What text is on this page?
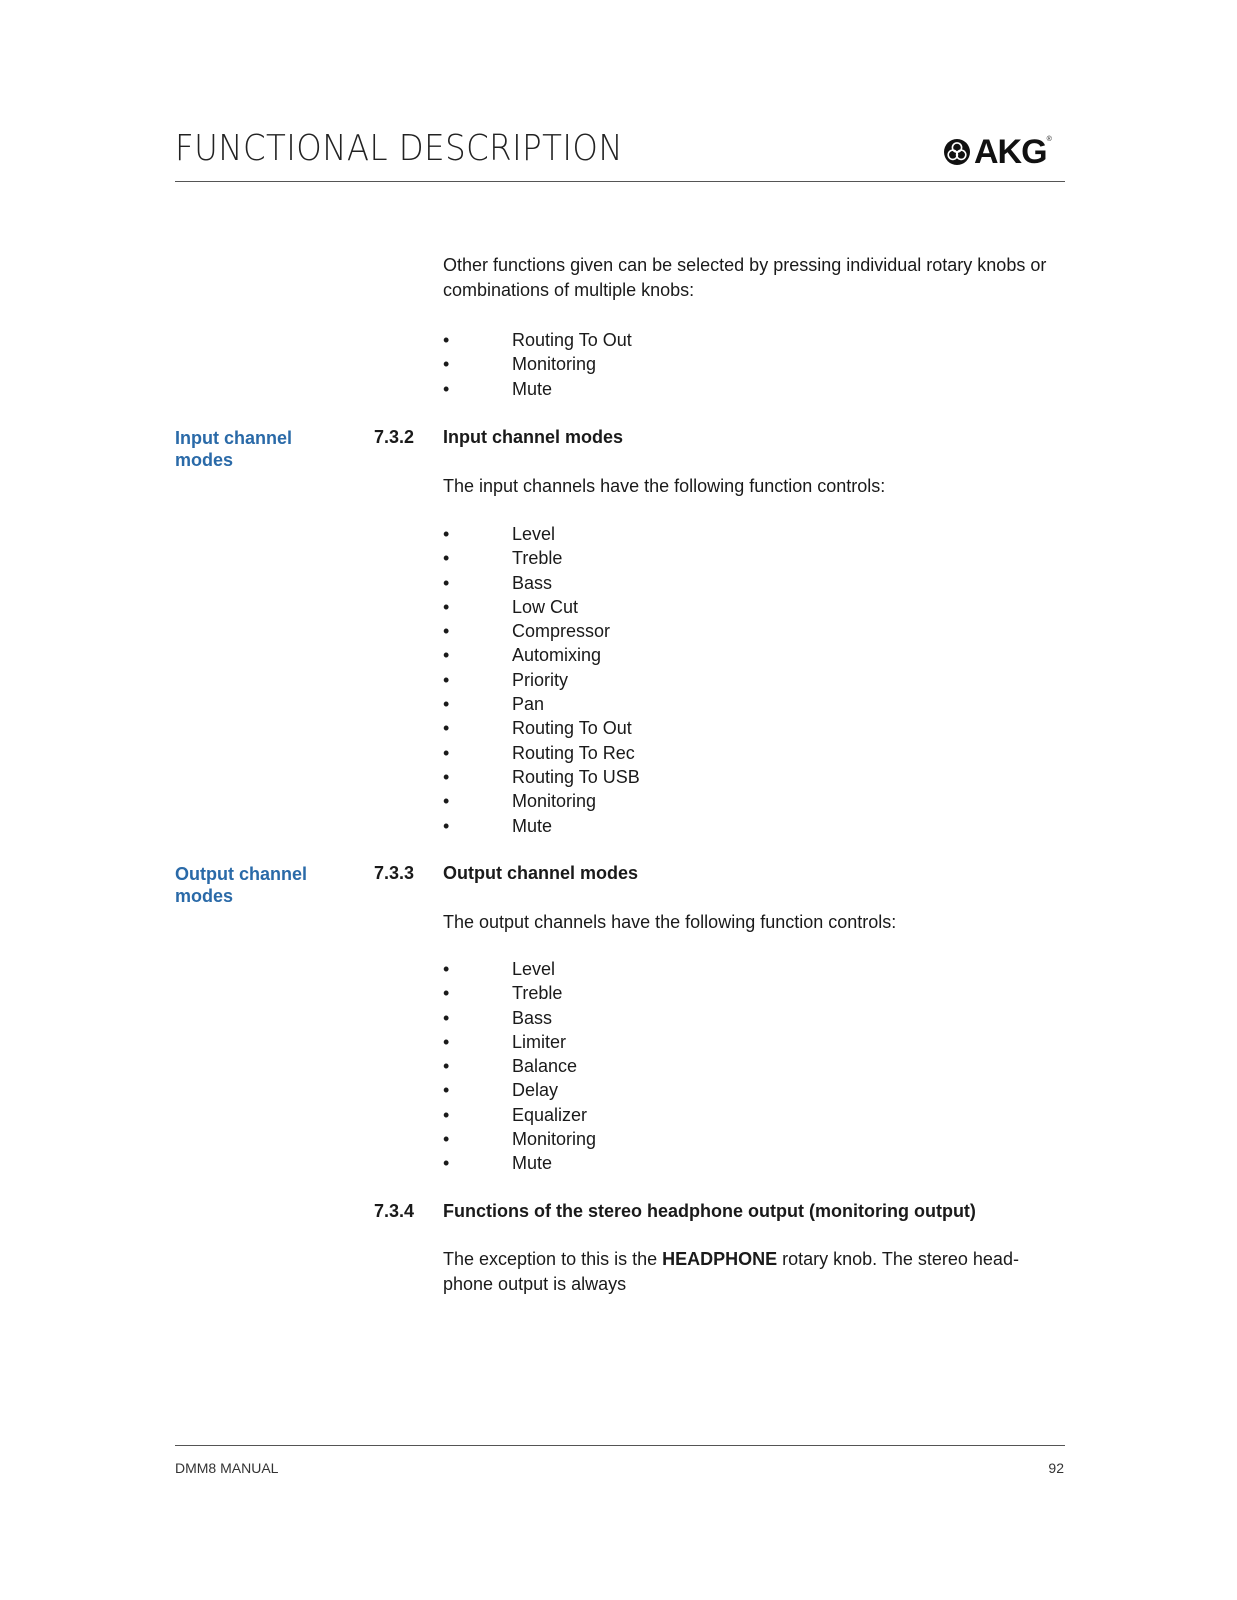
FUNCTIONAL DESCRIPTION	AKG ®
Other functions given can be selected by pressing individual rotary knobs or combinations of multiple knobs:
•	Routing To Out
•	Monitoring
•	Mute
Input channel modes
7.3.2 Input channel modes
The input channels have the following function controls:
•	Level
•	Treble
•	Bass
•	Low Cut
•	Compressor
•	Automixing
•	Priority
•	Pan
•	Routing To Out
•	Routing To Rec
•	Routing To USB
•	Monitoring
•	Mute
Output channel modes
7.3.3 Output channel modes
The output channels have the following function controls:
•	Level
•	Treble
•	Bass
•	Limiter
•	Balance
•	Delay
•	Equalizer
•	Monitoring
•	Mute
7.3.4 Functions of the stereo headphone output (monitoring output)
The exception to this is the HEADPHONE rotary knob. The stereo head-phone output is always
DMM8 MANUAL	92
